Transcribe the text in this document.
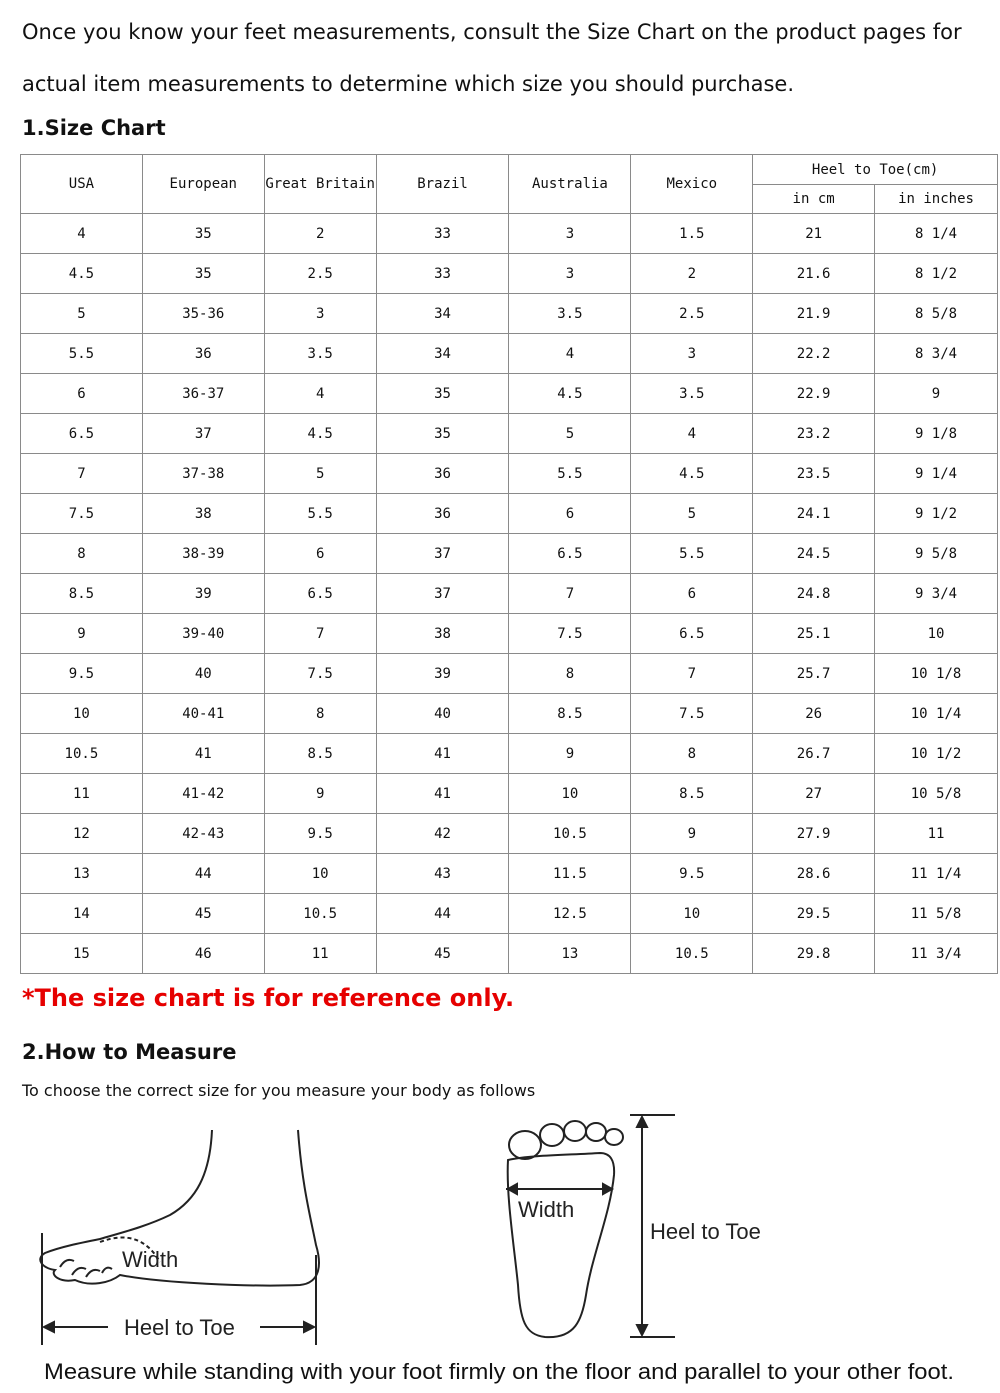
Once you know your feet measurements, consult the Size Chart on the product pages for actual item measurements to determine which size you should purchase.

1.Size Chart

USA	European	Great Britain	Brazil	Australia	Mexico	Heel to Toe(cm)	
						in cm	in inches
4	35	2	33	3	1.5	21	8 1/4
4.5	35	2.5	33	3	2	21.6	8 1/2
5	35-36	3	34	3.5	2.5	21.9	8 5/8
5.5	36	3.5	34	4	3	22.2	8 3/4
6	36-37	4	35	4.5	3.5	22.9	9
6.5	37	4.5	35	5	4	23.2	9 1/8
7	37-38	5	36	5.5	4.5	23.5	9 1/4
7.5	38	5.5	36	6	5	24.1	9 1/2
8	38-39	6	37	6.5	5.5	24.5	9 5/8
8.5	39	6.5	37	7	6	24.8	9 3/4
9	39-40	7	38	7.5	6.5	25.1	10
9.5	40	7.5	39	8	7	25.7	10 1/8
10	40-41	8	40	8.5	7.5	26	10 1/4
10.5	41	8.5	41	9	8	26.7	10 1/2
11	41-42	9	41	10	8.5	27	10 5/8
12	42-43	9.5	42	10.5	9	27.9	11
13	44	10	43	11.5	9.5	28.6	11 1/4
14	45	10.5	44	12.5	10	29.5	11 5/8
15	46	11	45	13	10.5	29.8	11 3/4

*The size chart is for reference only.

2.How to Measure

To choose the correct size for you measure your body as follows

Width
Heel to Toe
Width
Heel to Toe
Measure while standing with your foot firmly on the floor and parallel to your other foot.
